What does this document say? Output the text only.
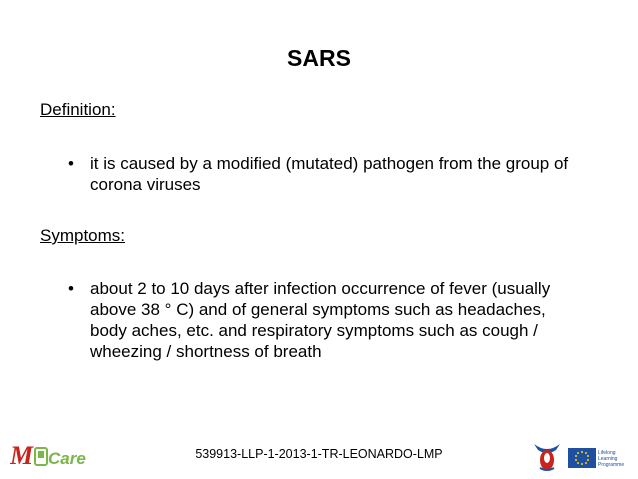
SARS
Definition:
• it is caused by a modified (mutated) pathogen from the group of corona viruses
Symptoms:
• about 2 to 10 days after infection occurrence of fever (usually above 38 ° C) and of general symptoms such as headaches, body aches, etc. and respiratory symptoms such as cough / wheezing / shortness of breath
M Care	539913-LLP-1-2013-1-TR-LEONARDO-LMP	Lifelong
Learning
Programme
